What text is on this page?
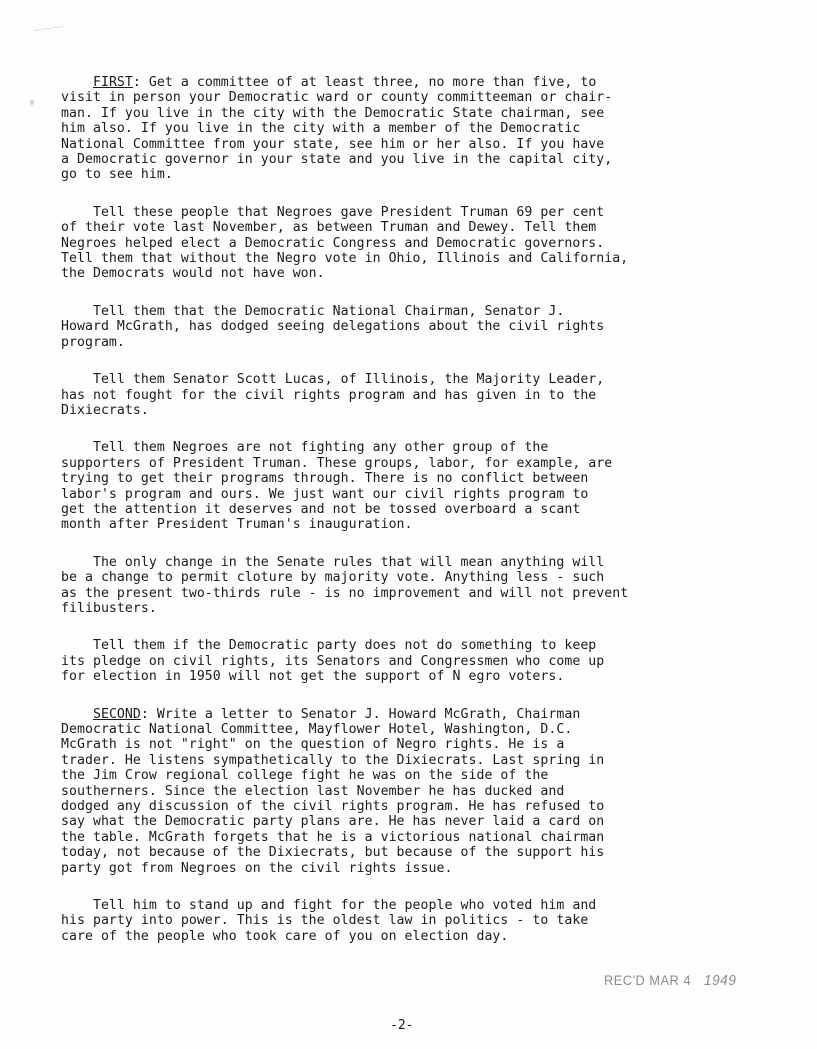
FIRST: Get a committee of at least three, no more than five, to
visit in person your Democratic ward or county committeeman or chair-
man. If you live in the city with the Democratic State chairman, see
him also. If you live in the city with a member of the Democratic
National Committee from your state, see him or her also. If you have
a Democratic governor in your state and you live in the capital city,
go to see him.
Tell these people that Negroes gave President Truman 69 per cent
of their vote last November, as between Truman and Dewey. Tell them
Negroes helped elect a Democratic Congress and Democratic governors.
Tell them that without the Negro vote in Ohio, Illinois and California,
the Democrats would not have won.
Tell them that the Democratic National Chairman, Senator J.
Howard McGrath, has dodged seeing delegations about the civil rights
program.
Tell them Senator Scott Lucas, of Illinois, the Majority Leader,
has not fought for the civil rights program and has given in to the
Dixiecrats.
Tell them Negroes are not fighting any other group of the
supporters of President Truman. These groups, labor, for example, are
trying to get their programs through. There is no conflict between
labor's program and ours. We just want our civil rights program to
get the attention it deserves and not be tossed overboard a scant
month after President Truman's inauguration.
The only change in the Senate rules that will mean anything will
be a change to permit cloture by majority vote. Anything less - such
as the present two-thirds rule - is no improvement and will not prevent
filibusters.
Tell them if the Democratic party does not do something to keep
its pledge on civil rights, its Senators and Congressmen who come up
for election in 1950 will not get the support of N egro voters.
SECOND: Write a letter to Senator J. Howard McGrath, Chairman
Democratic National Committee, Mayflower Hotel, Washington, D.C.
McGrath is not "right" on the question of Negro rights. He is a
trader. He listens sympathetically to the Dixiecrats. Last spring in
the Jim Crow regional college fight he was on the side of the
southerners. Since the election last November he has ducked and
dodged any discussion of the civil rights program. He has refused to
say what the Democratic party plans are. He has never laid a card on
the table. McGrath forgets that he is a victorious national chairman
today, not because of the Dixiecrats, but because of the support his
party got from Negroes on the civil rights issue.
Tell him to stand up and fight for the people who voted him and
his party into power. This is the oldest law in politics - to take
care of the people who took care of you on election day.
REC'D MAR 4 1949
-2-
